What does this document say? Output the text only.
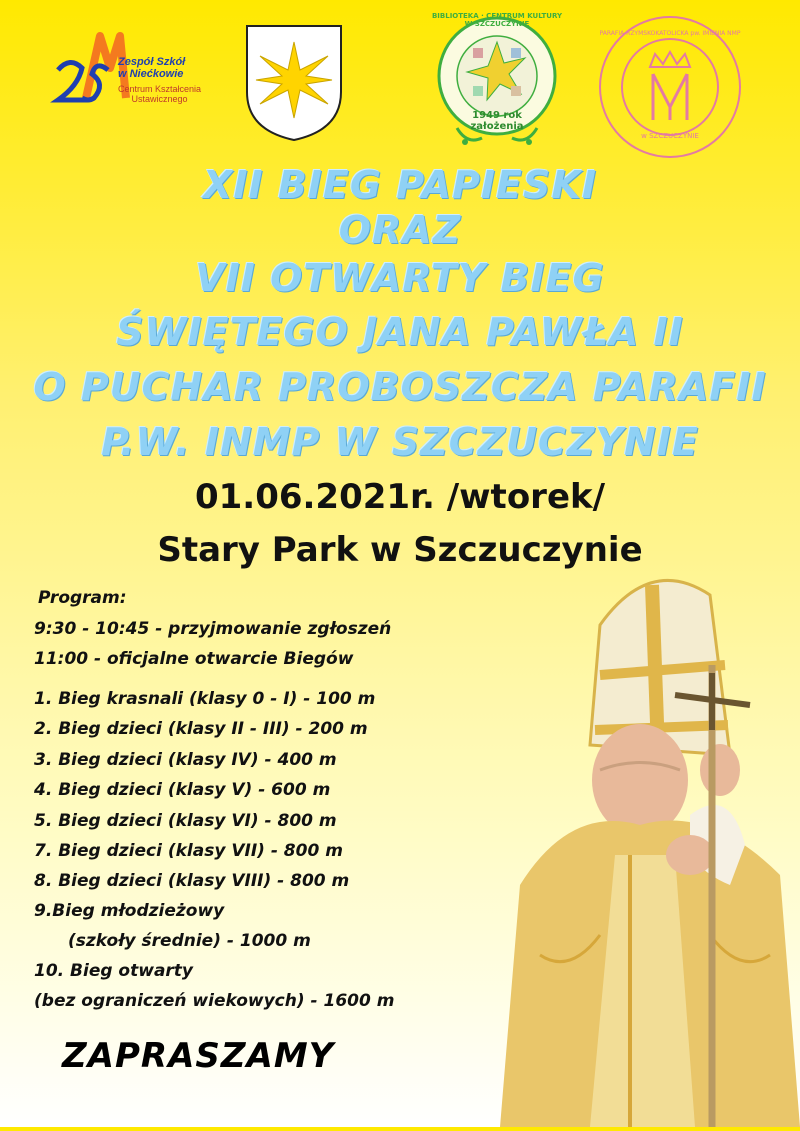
Zespół Szkół
w Niećkowie
Centrum Kształcenia
Ustawicznego
BIBLIOTEKA · CENTRUM KULTURY W SZCZUCZYNIE
1949 rok
założenia
PARAFIA RZYMSKOKATOLICKA pw. IMIENIA NMP
w SZCZUCZYNIE
XII BIEG PAPIESKI
ORAZ
VII OTWARTY BIEG
ŚWIĘTEGO JANA PAWŁA II
O PUCHAR PROBOSZCZA PARAFII
P.W. INMP W SZCZUCZYNIE
01.06.2021r. /wtorek/
Stary Park w Szczuczynie
Program:
9:30 - 10:45 - przyjmowanie zgłoszeń
11:00 - oficjalne otwarcie Biegów
1. Bieg krasnali (klasy 0 - I) - 100 m
2. Bieg dzieci (klasy II - III) - 200 m
3. Bieg dzieci (klasy IV) - 400 m
4. Bieg dzieci (klasy V) - 600 m
5. Bieg dzieci (klasy VI) - 800 m
7. Bieg dzieci (klasy VII) - 800 m
8. Bieg dzieci (klasy VIII) - 800 m
9.Bieg młodzieżowy
(szkoły średnie) - 1000 m
10. Bieg otwarty
(bez ograniczeń wiekowych) - 1600 m
ZAPRASZAMY
